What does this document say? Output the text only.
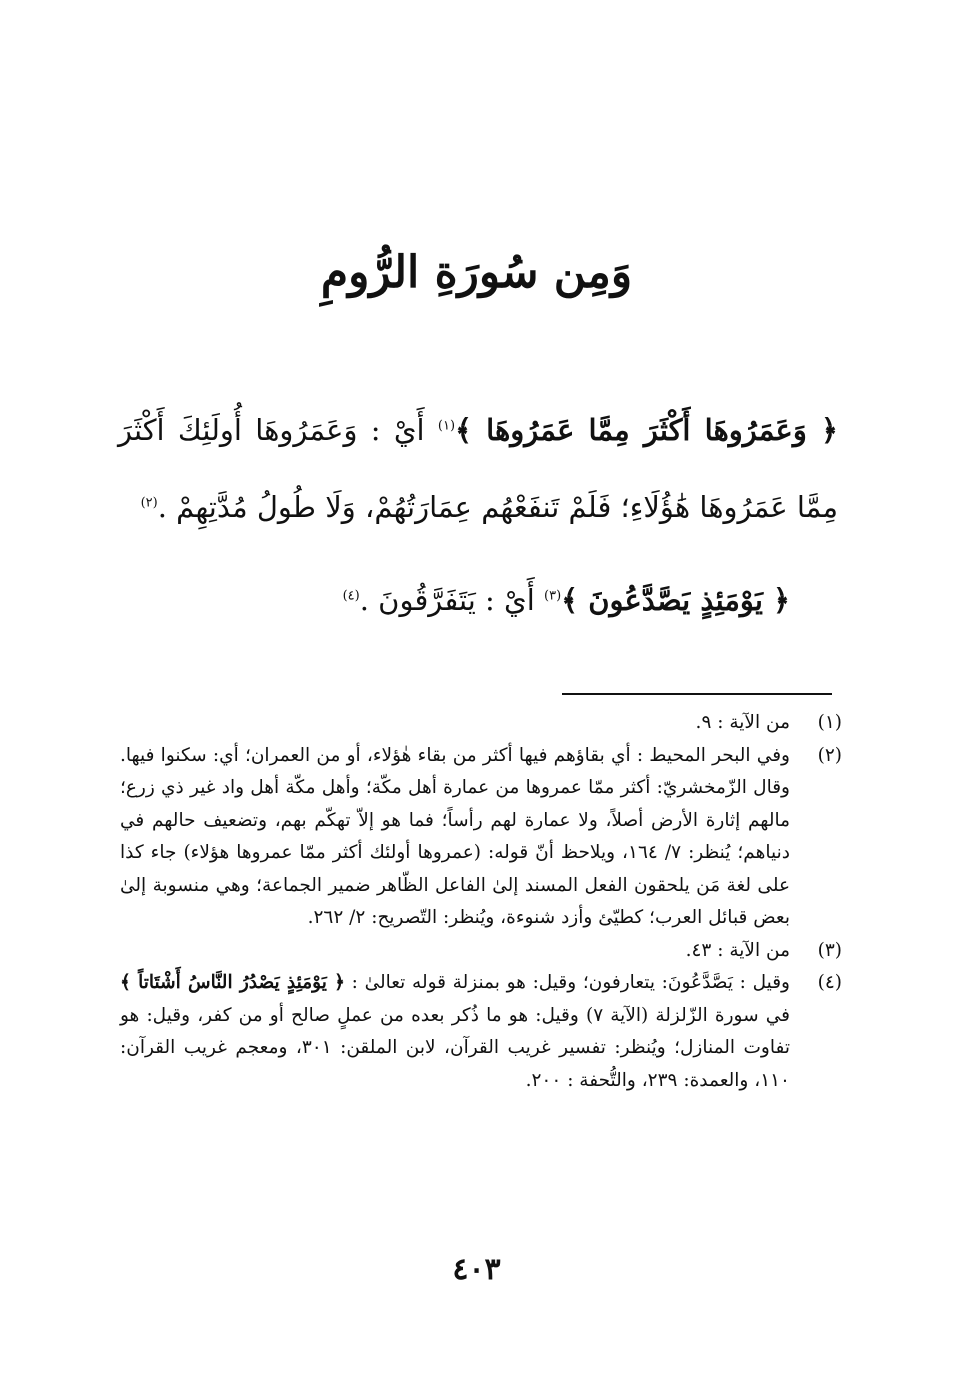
وَمِن سُورَةِ الرُّومِ

﴿ وَعَمَرُوهَا أَكْثَرَ مِمَّا عَمَرُوهَا ﴾$^{(١)}$ أَيْ : وَعَمَرُوهَا أُولَئِكَ أَكْثَرَ مِمَّا عَمَرُوهَا هَٰؤُلَاءِ؛ فَلَمْ تَنفَعْهُم عِمَارَتُهُمْ، وَلَا طُولُ مُدَّتِهِمْ .$^{(٢)}$

﴿ يَوْمَئِذٍ يَصَّدَّعُونَ ﴾$^{(٣)}$ أَيْ : يَتَفَرَّقُونَ .$^{(٤)}$

(١)
من الآية : ٩.
(٢)
وفي البحر المحيط : أي بقاؤهم فيها أكثر من بقاء هٰؤلاء، أو من العمران؛ أي: سكنوا فيها. وقال الزّمخشريّ: أكثر ممّا عمروها من عمارة أهل مكّة؛ وأهل مكّة أهل واد غير ذي زرع؛ مالهم إثارة الأرض أصلاً، ولا عمارة لهم رأساً؛ فما هو إلاّ تهكّم بهم، وتضعيف حالهم في دنياهم؛ يُنظر: ٧/ ١٦٤، ويلاحظ أنّ قوله: (عمروها أولئك أكثر ممّا عمروها هؤلاء) جاء كذا على لغة مَن يلحقون الفعل المسند إلىٰ الفاعل الظّاهر ضمير الجماعة؛ وهي منسوبة إلىٰ بعض قبائل العرب؛ كطيّئ وأزد شنوءة، ويُنظر: التّصريح: ٢/ ٢٦٢.
(٣)
من الآية : ٤٣.
(٤)
وقيل : يَصَّدَّعُونَ: يتعارفون؛ وقيل: هو بمنزلة قوله تعالىٰ : ﴿ يَوْمَئِذٍ يَصْدُرُ النَّاسُ أَشْتَاتاً ﴾ في سورة الزّلزلة (الآية ٧) وقيل: هو ما ذُكر بعده من عملٍ صالح أو من كفر، وقيل: هو تفاوت المنازل؛ ويُنظر: تفسير غريب القرآن، لابن الملقن: ٣٠١، ومعجم غريب القرآن: ١١٠، والعمدة: ٢٣٩، والتُّحفة : ٢٠٠.
٤٠٣
